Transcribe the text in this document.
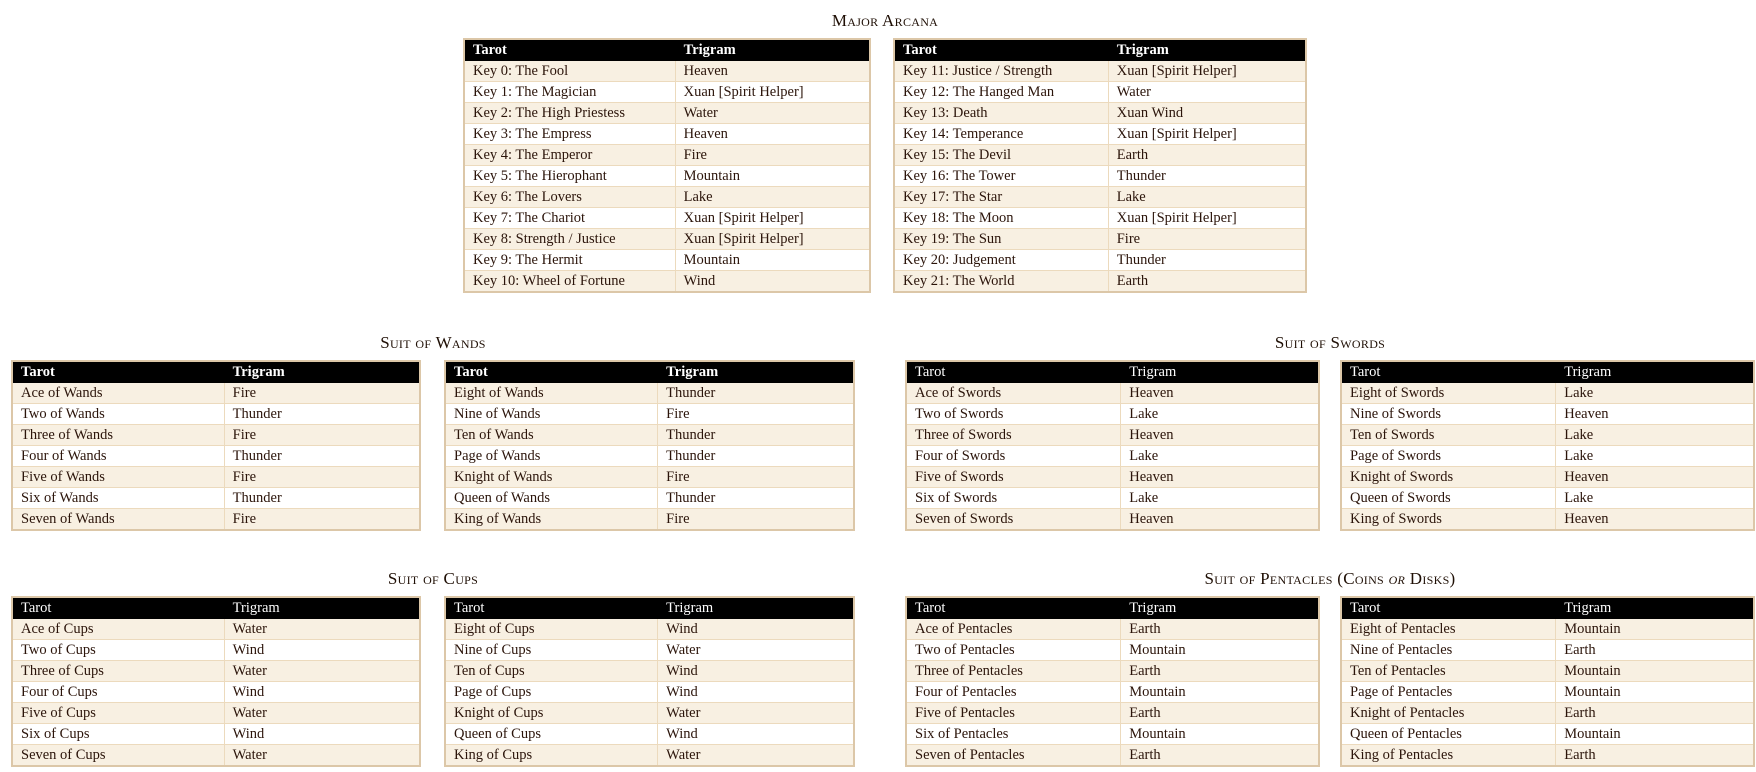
Major Arcana
Tarot	Trigram
Key 0: The Fool	Heaven
Key 1: The Magician	Xuan [Spirit Helper]
Key 2: The High Priestess	Water
Key 3: The Empress	Heaven
Key 4: The Emperor	Fire
Key 5: The Hierophant	Mountain
Key 6: The Lovers	Lake
Key 7: The Chariot	Xuan [Spirit Helper]
Key 8: Strength / Justice	Xuan [Spirit Helper]
Key 9: The Hermit	Mountain
Key 10: Wheel of Fortune	Wind
Tarot	Trigram
Key 11: Justice / Strength	Xuan [Spirit Helper]
Key 12: The Hanged Man	Water
Key 13: Death	Xuan Wind
Key 14: Temperance	Xuan [Spirit Helper]
Key 15: The Devil	Earth
Key 16: The Tower	Thunder
Key 17: The Star	Lake
Key 18: The Moon	Xuan [Spirit Helper]
Key 19: The Sun	Fire
Key 20: Judgement	Thunder
Key 21: The World	Earth
Suit of Wands
Tarot	Trigram
Ace of Wands	Fire
Two of Wands	Thunder
Three of Wands	Fire
Four of Wands	Thunder
Five of Wands	Fire
Six of Wands	Thunder
Seven of Wands	Fire
Tarot	Trigram
Eight of Wands	Thunder
Nine of Wands	Fire
Ten of Wands	Thunder
Page of Wands	Thunder
Knight of Wands	Fire
Queen of Wands	Thunder
King of Wands	Fire
Suit of Swords
Tarot	Trigram
Ace of Swords	Heaven
Two of Swords	Lake
Three of Swords	Heaven
Four of Swords	Lake
Five of Swords	Heaven
Six of Swords	Lake
Seven of Swords	Heaven
Tarot	Trigram
Eight of Swords	Lake
Nine of Swords	Heaven
Ten of Swords	Lake
Page of Swords	Lake
Knight of Swords	Heaven
Queen of Swords	Lake
King of Swords	Heaven
Suit of Cups
Tarot	Trigram
Ace of Cups	Water
Two of Cups	Wind
Three of Cups	Water
Four of Cups	Wind
Five of Cups	Water
Six of Cups	Wind
Seven of Cups	Water
Tarot	Trigram
Eight of Cups	Wind
Nine of Cups	Water
Ten of Cups	Wind
Page of Cups	Wind
Knight of Cups	Water
Queen of Cups	Wind
King of Cups	Water
Suit of Pentacles (Coins or Disks)
Tarot	Trigram
Ace of Pentacles	Earth
Two of Pentacles	Mountain
Three of Pentacles	Earth
Four of Pentacles	Mountain
Five of Pentacles	Earth
Six of Pentacles	Mountain
Seven of Pentacles	Earth
Tarot	Trigram
Eight of Pentacles	Mountain
Nine of Pentacles	Earth
Ten of Pentacles	Mountain
Page of Pentacles	Mountain
Knight of Pentacles	Earth
Queen of Pentacles	Mountain
King of Pentacles	Earth
